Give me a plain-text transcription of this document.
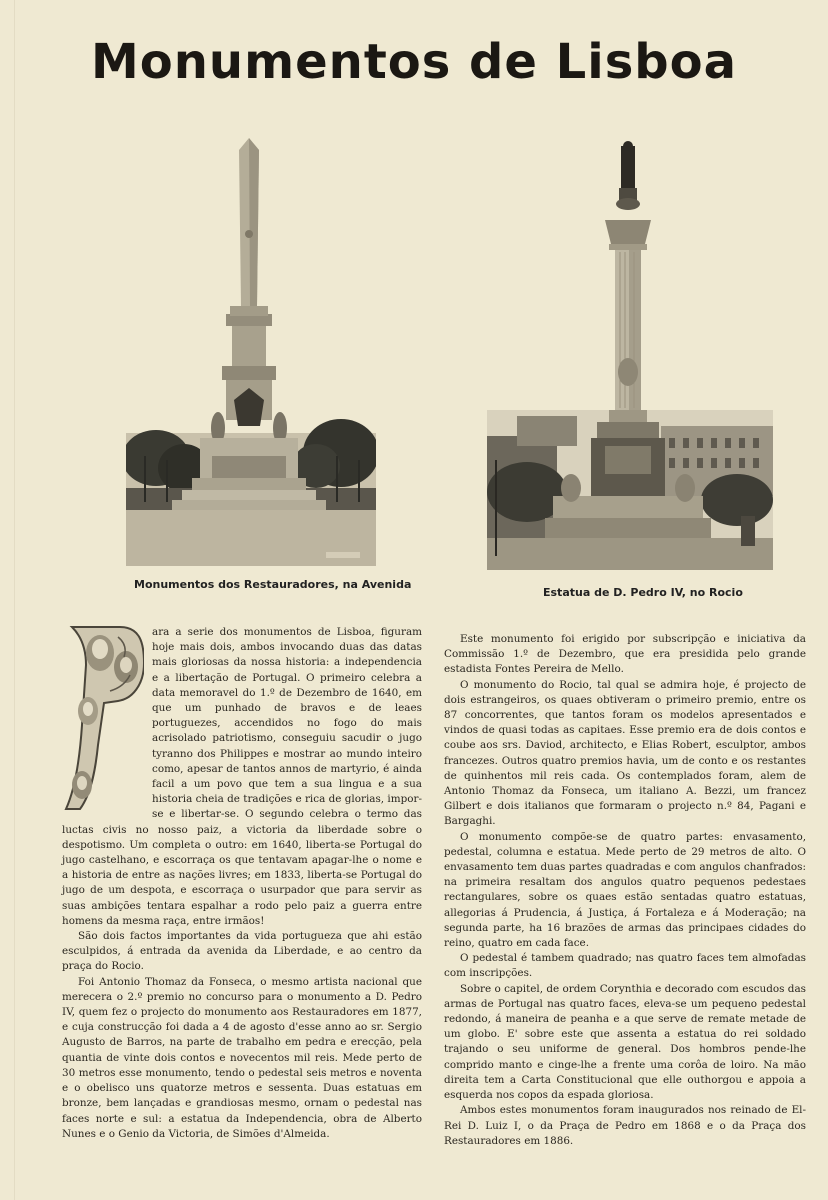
Monumentos de Lisboa
Monumentos dos Restauradores, na Avenida
Estatua de D. Pedro IV, no Rocio

ara a serie dos monumentos de Lisboa, figuram hoje mais dois, ambos invocando duas das datas mais gloriosas da nossa historia: a independencia e a libertação de Portugal. O primeiro celebra a data memoravel do 1.º de Dezembro de 1640, em que um punhado de bravos e de leaes portuguezes, accendidos no fogo do mais acrisolado patriotismo, conseguiu sacudir o jugo tyranno dos Philippes e mostrar ao mundo inteiro como, apesar de tantos annos de martyrio, é ainda facil a um povo que tem a sua lingua e a sua historia cheia de tradições e rica de glorias, impor-se e libertar-se. O segundo celebra o termo das luctas civis no nosso paiz, a victoria da liberdade sobre o despotismo. Um completa o outro: em 1640, liberta-se Portugal do jugo castelhano, e escorraça os que tentavam apagar-lhe o nome e a historia de entre as nações livres; em 1833, liberta-se Portugal do jugo de um despota, e escorraça o usurpador que para servir as suas ambições tentara espalhar a rodo pelo paiz a guerra entre homens da mesma raça, entre irmãos!

São dois factos importantes da vida portugueza que ahi estão esculpidos, á entrada da avenida da Liberdade, e ao centro da praça do Rocio.

Foi Antonio Thomaz da Fonseca, o mesmo artista nacional que merecera o 2.º premio no concurso para o monumento a D. Pedro IV, quem fez o projecto do monumento aos Restauradores em 1877, e cuja construcção foi dada a 4 de agosto d'esse anno ao sr. Sergio Augusto de Barros, na parte de trabalho em pedra e erecção, pela quantia de vinte dois contos e novecentos mil reis. Mede perto de 30 metros esse monumento, tendo o pedestal seis metros e noventa e o obelisco uns quatorze metros e sessenta. Duas estatuas em bronze, bem lançadas e grandiosas mesmo, ornam o pedestal nas faces norte e sul: a estatua da Independencia, obra de Alberto Nunes e o Genio da Victoria, de Simões d'Almeida.

Este monumento foi erigido por subscripção e iniciativa da Commissão 1.º de Dezembro, que era presidida pelo grande estadista Fontes Pereira de Mello.

O monumento do Rocio, tal qual se admira hoje, é projecto de dois estrangeiros, os quaes obtiveram o primeiro premio, entre os 87 concorrentes, que tantos foram os modelos apresentados e vindos de quasi todas as capitaes. Esse premio era de dois contos e coube aos srs. Daviod, architecto, e Elias Robert, esculptor, ambos francezes. Outros quatro premios havia, um de conto e os restantes de quinhentos mil reis cada. Os contemplados foram, alem de Antonio Thomaz da Fonseca, um italiano A. Bezzi, um francez Gilbert e dois italianos que formaram o projecto n.º 84, Pagani e Bargaghi.

O monumento compõe-se de quatro partes: envasamento, pedestal, columna e estatua. Mede perto de 29 metros de alto. O envasamento tem duas partes quadradas e com angulos chanfrados: na primeira resaltam dos angulos quatro pequenos pedestaes rectangulares, sobre os quaes estão sentadas quatro estatuas, allegorias á Prudencia, á Justiça, á Fortaleza e á Moderação; na segunda parte, ha 16 brazões de armas das principaes cidades do reino, quatro em cada face.

O pedestal é tambem quadrado; nas quatro faces tem almofadas com inscripções.

Sobre o capitel, de ordem Corynthia e decorado com escudos das armas de Portugal nas quatro faces, eleva-se um pequeno pedestal redondo, á maneira de peanha e a que serve de remate metade de um globo. E' sobre este que assenta a estatua do rei soldado trajando o seu uniforme de general. Dos hombros pende-lhe comprido manto e cinge-lhe a frente uma corôa de loiro. Na mão direita tem a Carta Constitucional que elle outhorgou e appoia a esquerda nos copos da espada gloriosa.

Ambos estes monumentos foram inaugurados nos reinado de El-Rei D. Luiz I, o da Praça de Pedro em 1868 e o da Praça dos Restauradores em 1886.
